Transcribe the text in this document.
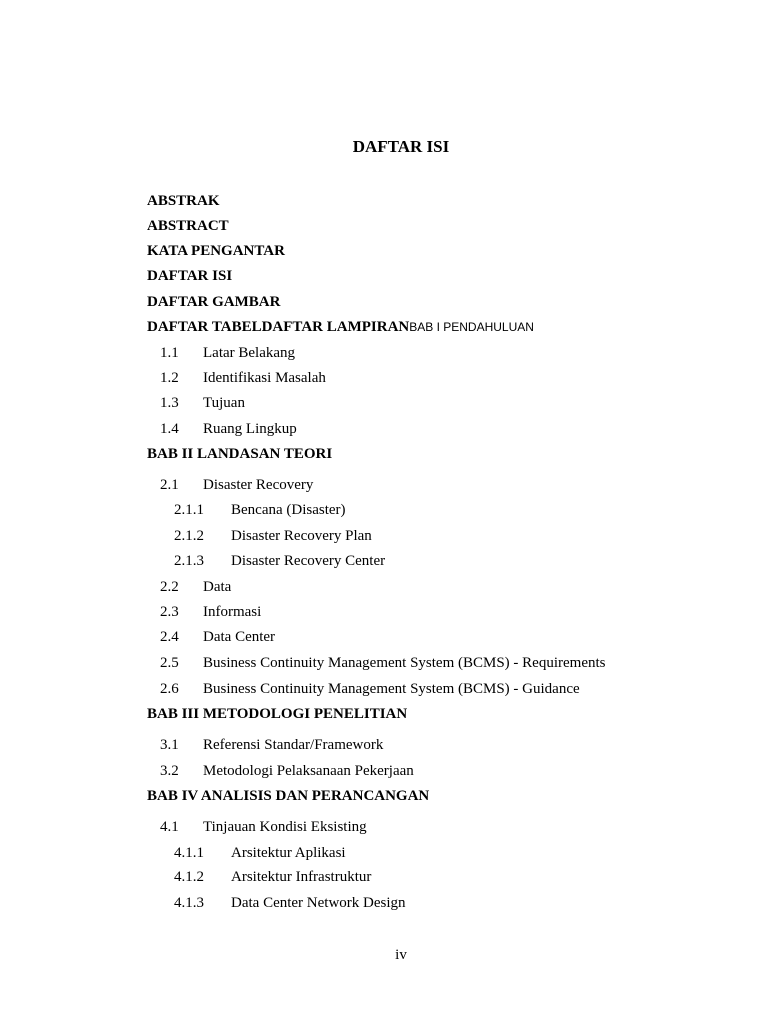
DAFTAR ISI
ABSTRAK
ABSTRACT
KATA PENGANTAR
DAFTAR ISI
DAFTAR GAMBAR
DAFTAR TABELDAFTAR LAMPIRANBAB I PENDAHULUAN
1.1 Latar Belakang
1.2 Identifikasi Masalah
1.3 Tujuan
1.4 Ruang Lingkup
BAB II LANDASAN TEORI
2.1 Disaster Recovery
2.1.1 Bencana (Disaster)
2.1.2 Disaster Recovery Plan
2.1.3 Disaster Recovery Center
2.2 Data
2.3 Informasi
2.4 Data Center
2.5 Business Continuity Management System (BCMS) - Requirements
2.6 Business Continuity Management System (BCMS) - Guidance
BAB III METODOLOGI PENELITIAN
3.1 Referensi Standar/Framework
3.2 Metodologi Pelaksanaan Pekerjaan
BAB IV ANALISIS DAN PERANCANGAN
4.1 Tinjauan Kondisi Eksisting
4.1.1 Arsitektur Aplikasi
4.1.2 Arsitektur Infrastruktur
4.1.3 Data Center Network Design
iv
